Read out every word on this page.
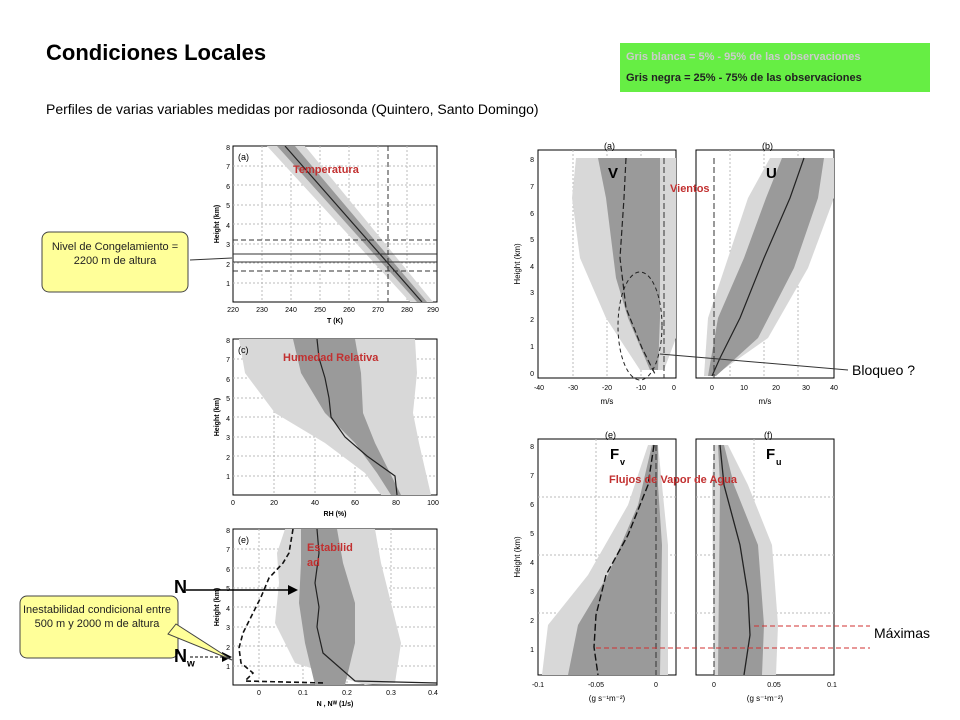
Condiciones Locales
Perfiles de varias variables medidas por radiosonda (Quintero, Santo Domingo)
Gris blanca = 5% - 95% de las observaciones
Gris negra = 25% - 75% de las observaciones
(a)
8
7
6
5
4
3
2
1
220 230 240 250 260 270 280 290
T (K)
Height (km)
Temperatura
(c)
8
7
6
5
4
3
2
1
0	20	40	60	80	100
RH (%)
Height (km)
Humedad Relativa
(e)
8
7
6
5
4
3
2
1
0	0.1	0.2	0.3	0.4
N , Nᵂ (1/s)
Height (km)
Estabilid ad
(a)
V
8
7
6
5
4
3
2
1
0
-40	-30	-20	-10	0
m/s
Height (km)
(b)
U
0	10	20	30	40
m/s
Vientos
(e)
F v
8
7
6
5
4
3
2
1
-0.1	-0.05	0
(g s⁻¹m⁻²)
Height (km)
(f)
F u
0	0.05	0.1
(g s⁻¹m⁻²)
Flujos de Vapor de Agua
Nivel de Congelamiento = 2200 m de altura
Inestabilidad condicional entre 500 m y 2000 m de altura
Bloqueo ?
Máximas
N
$N_w$
